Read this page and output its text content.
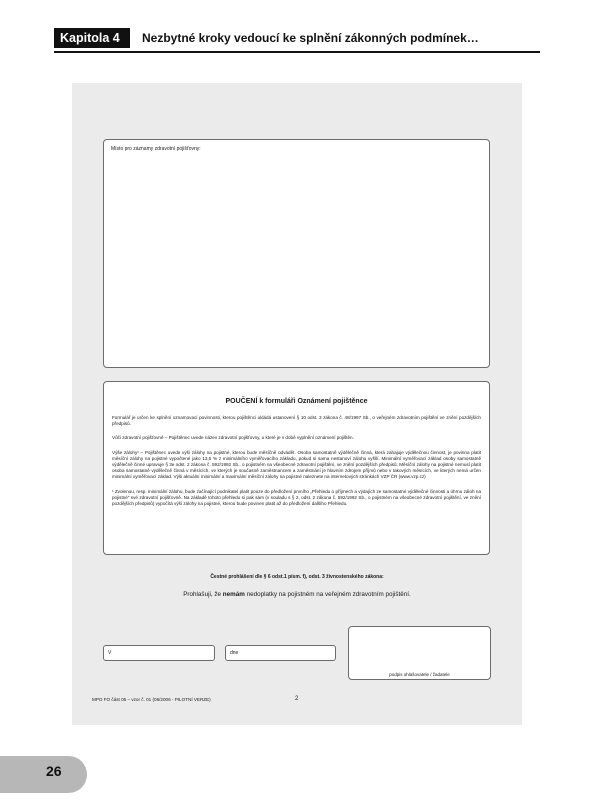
Kapitola 4	Nezbytné kroky vedoucí ke splnění zákonných podmínek…
Místo pro záznamy zdravotní pojišťovny:
POUČENÍ k formuláři Oznámení pojištěnce

Formulář je určen ke splnění oznamovací povinnosti, kterou pojištěnci ukládá ustanovení § 10 odst. 3 zákona č. 48/1997 Sb., o veřejném zdravotním pojištění ve znění pozdějších předpisů.

Vůči zdravotní pojišťovně – Pojištěnec uvede název zdravotní pojišťovny, u které je v době vyplnění oznámení pojištěn.

Výše zálohy¹ – Pojištěnec uvede výši zálohy na pojistné, kterou bude měsíčně odvádět. Osoba samostatně výdělečně činná, která zahajuje výdělečnou činnost, je povinna platit měsíční zálohy na pojistné vypočtené jako 13,5 % z minimálního vyměřovacího základu, pokud si sama nestanoví zálohu vyšší. Minimální vyměřovací základ osoby samostatně výdělečně činné upravuje § 3e odst. 2 zákona č. 592/1992 Sb., o pojistném na všeobecné zdravotní pojištění, ve znění pozdějších předpisů. Měsíční zálohy na pojistné nemusí platit osoba samostatně výdělečně činná v měsících, ve kterých je současně zaměstnancem a zaměstnání je hlavním zdrojem příjmů nebo v takových měsících, ve kterých nemá určen minimální vyměřovací základ. Výši aktuální minimální a maximální měsíční zálohy na pojistné naleznete na internetových stránkách VZP ČR (www.vzp.cz)

¹ Zvolenou, resp. minimální zálohu, bude začínající podnikatel platit pouze do předložení prvního „Přehledu o příjmech a výdajích ze samostatné výdělečné činnosti a úhrnu záloh na pojistné“ své zdravotní pojišťovně. Na základě tohoto přehledu si pak sám (v souladu s § 2, odst. 2 zákona č. 592/1992 Sb., o pojistném na všeobecné zdravotní pojištění, ve znění pozdějších předpisů) vypočítá výši zálohy na pojistné, kterou bude povinen platit až do předložení dalšího Přehledu.

Čestné prohlášení dle § 6 odst.1 písm. f), odst. 3 živnostenského zákona:
Prohlašuji, že nemám nedoplatky na pojistném na veřejném zdravotním pojištění.
V	dne
podpis ohlašovatele / žadatele
MPO FO část 05 – vzor č. 01 (06/2006 - PILOTNÍ VERZE)	2
26
